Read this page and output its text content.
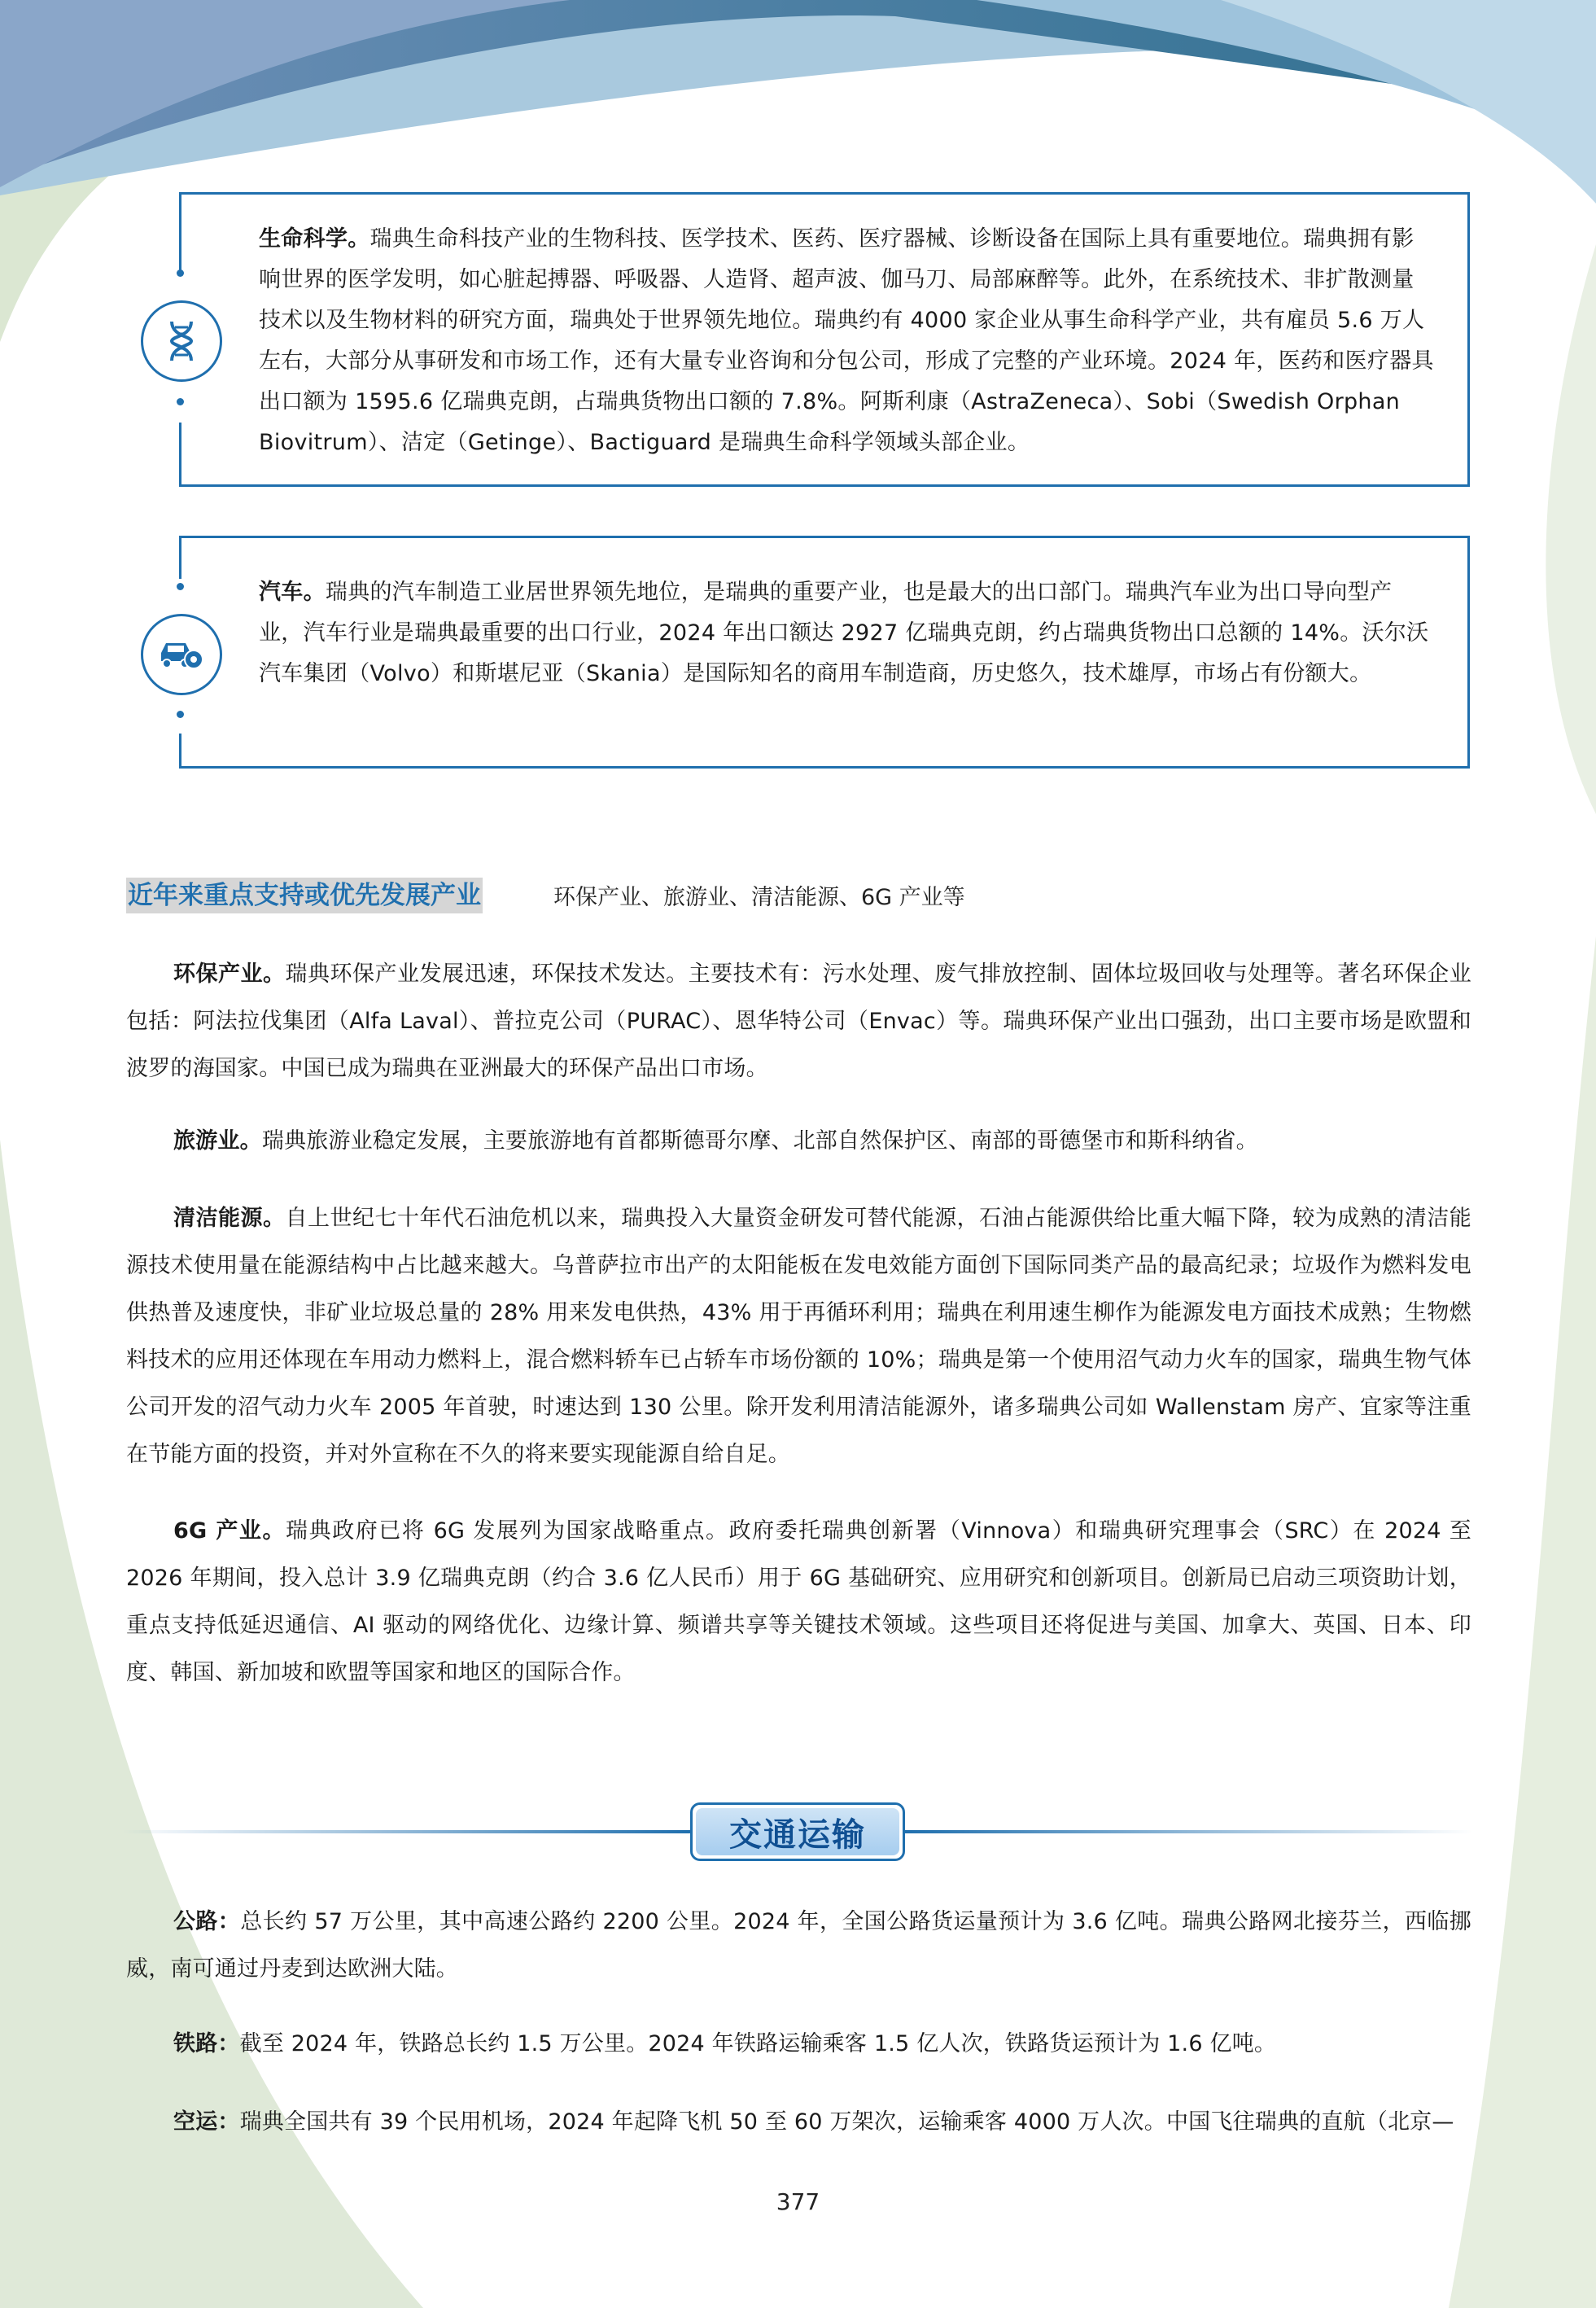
生命科学。瑞典生命科技产业的生物科技、医学技术、医药、医疗器械、诊断设备在国际上具有重要地位。瑞典拥有影响世界的医学发明，如心脏起搏器、呼吸器、人造肾、超声波、伽马刀、局部麻醉等。此外，在系统技术、非扩散测量技术以及生物材料的研究方面，瑞典处于世界领先地位。瑞典约有 4000 家企业从事生命科学产业，共有雇员 5.6 万人左右，大部分从事研发和市场工作，还有大量专业咨询和分包公司，形成了完整的产业环境。2024 年，医药和医疗器具出口额为 1595.6 亿瑞典克朗，占瑞典货物出口额的 7.8%。阿斯利康（AstraZeneca）、Sobi（Swedish Orphan Biovitrum）、洁定（Getinge）、Bactiguard 是瑞典生命科学领域头部企业。
汽车。瑞典的汽车制造工业居世界领先地位，是瑞典的重要产业，也是最大的出口部门。瑞典汽车业为出口导向型产业，汽车行业是瑞典最重要的出口行业，2024 年出口额达 2927 亿瑞典克朗，约占瑞典货物出口总额的 14%。沃尔沃汽车集团（Volvo）和斯堪尼亚（Skania）是国际知名的商用车制造商，历史悠久，技术雄厚，市场占有份额大。
近年来重点支持或优先发展产业	环保产业、旅游业、清洁能源、6G 产业等
环保产业。瑞典环保产业发展迅速，环保技术发达。主要技术有：污水处理、废气排放控制、固体垃圾回收与处理等。著名环保企业包括：阿法拉伐集团（Alfa Laval）、普拉克公司（PURAC）、恩华特公司（Envac）等。瑞典环保产业出口强劲，出口主要市场是欧盟和波罗的海国家。中国已成为瑞典在亚洲最大的环保产品出口市场。
旅游业。瑞典旅游业稳定发展，主要旅游地有首都斯德哥尔摩、北部自然保护区、南部的哥德堡市和斯科纳省。
清洁能源。自上世纪七十年代石油危机以来，瑞典投入大量资金研发可替代能源，石油占能源供给比重大幅下降，较为成熟的清洁能源技术使用量在能源结构中占比越来越大。乌普萨拉市出产的太阳能板在发电效能方面创下国际同类产品的最高纪录；垃圾作为燃料发电供热普及速度快，非矿业垃圾总量的 28% 用来发电供热，43% 用于再循环利用；瑞典在利用速生柳作为能源发电方面技术成熟；生物燃料技术的应用还体现在车用动力燃料上，混合燃料轿车已占轿车市场份额的 10%；瑞典是第一个使用沼气动力火车的国家，瑞典生物气体公司开发的沼气动力火车 2005 年首驶，时速达到 130 公里。除开发利用清洁能源外，诸多瑞典公司如 Wallenstam 房产、宜家等注重在节能方面的投资，并对外宣称在不久的将来要实现能源自给自足。
6G 产业。瑞典政府已将 6G 发展列为国家战略重点。政府委托瑞典创新署（Vinnova）和瑞典研究理事会（SRC）在 2024 至 2026 年期间，投入总计 3.9 亿瑞典克朗（约合 3.6 亿人民币）用于 6G 基础研究、应用研究和创新项目。创新局已启动三项资助计划，重点支持低延迟通信、AI 驱动的网络优化、边缘计算、频谱共享等关键技术领域。这些项目还将促进与美国、加拿大、英国、日本、印度、韩国、新加坡和欧盟等国家和地区的国际合作。
交通运输
公路：总长约 57 万公里，其中高速公路约 2200 公里。2024 年，全国公路货运量预计为 3.6 亿吨。瑞典公路网北接芬兰，西临挪威，南可通过丹麦到达欧洲大陆。
铁路：截至 2024 年，铁路总长约 1.5 万公里。2024 年铁路运输乘客 1.5 亿人次，铁路货运预计为 1.6 亿吨。
空运：瑞典全国共有 39 个民用机场，2024 年起降飞机 50 至 60 万架次，运输乘客 4000 万人次。中国飞往瑞典的直航（北京—
377
